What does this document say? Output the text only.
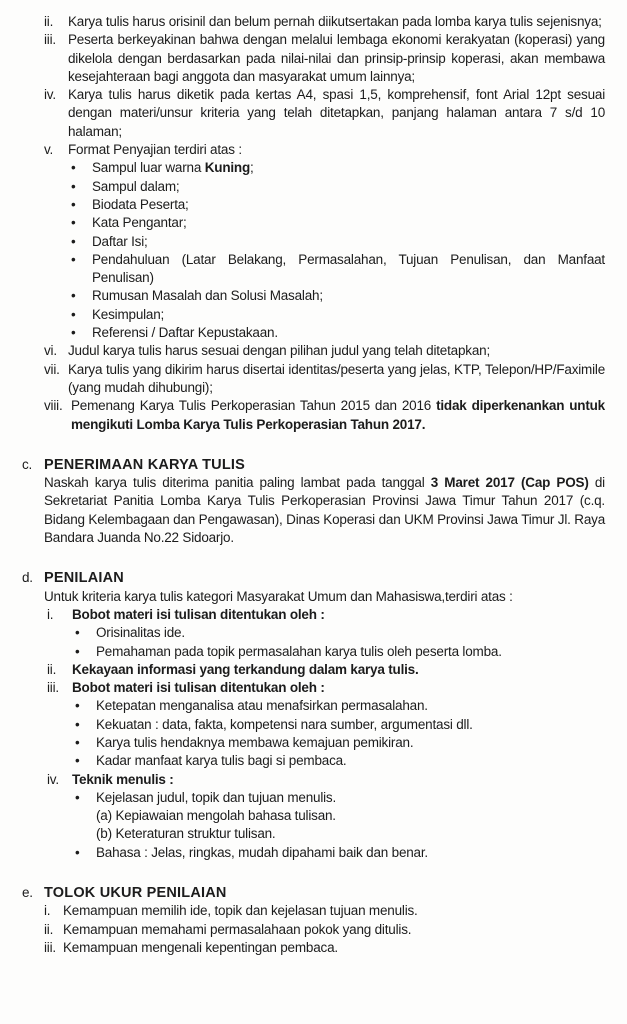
ii.	Karya tulis harus orisinil dan belum pernah diikutsertakan pada lomba karya tulis sejenisnya;
iii. Peserta berkeyakinan bahwa dengan melalui lembaga ekonomi kerakyatan (koperasi) yang dikelola dengan berdasarkan pada nilai-nilai dan prinsip-prinsip koperasi, akan membawa kesejahteraan bagi anggota dan masyarakat umum lainnya;
iv. Karya tulis harus diketik pada kertas A4, spasi 1,5, komprehensif, font Arial 12pt sesuai dengan materi/unsur kriteria yang telah ditetapkan, panjang halaman antara 7 s/d 10 halaman;
v.	Format Penyajian terdiri atas :
•	Sampul luar warna Kuning;
•	Sampul dalam;
•	Biodata Peserta;
•	Kata Pengantar;
•	Daftar Isi;
•	Pendahuluan (Latar Belakang, Permasalahan, Tujuan Penulisan, dan Manfaat Penulisan)
•	Rumusan Masalah dan Solusi Masalah;
•	Kesimpulan;
•	Referensi / Daftar Kepustakaan.
vi. Judul karya tulis harus sesuai dengan pilihan judul yang telah ditetapkan;
vii. Karya tulis yang dikirim harus disertai identitas/peserta yang jelas, KTP, Telepon/HP/Faximile (yang mudah dihubungi);
viii. Pemenang Karya Tulis Perkoperasian Tahun 2015 dan 2016 tidak diperkenankan untuk mengikuti Lomba Karya Tulis Perkoperasian Tahun 2017.
c. PENERIMAAN KARYA TULIS
Naskah karya tulis diterima panitia paling lambat pada tanggal 3 Maret 2017 (Cap POS) di Sekretariat Panitia Lomba Karya Tulis Perkoperasian Provinsi Jawa Timur Tahun 2017 (c.q. Bidang Kelembagaan dan Pengawasan), Dinas Koperasi dan UKM Provinsi Jawa Timur Jl. Raya Bandara Juanda No.22 Sidoarjo.
d. PENILAIAN
Untuk kriteria karya tulis kategori Masyarakat Umum dan Mahasiswa,terdiri atas :
i.	Bobot materi isi tulisan ditentukan oleh :
•	Orisinalitas ide.
•	Pemahaman pada topik permasalahan karya tulis oleh peserta lomba.
ii.	Kekayaan informasi yang terkandung dalam karya tulis.
iii. Bobot materi isi tulisan ditentukan oleh :
•	Ketepatan menganalisa atau menafsirkan permasalahan.
•	Kekuatan : data, fakta, kompetensi nara sumber, argumentasi dll.
•	Karya tulis hendaknya membawa kemajuan pemikiran.
•	Kadar manfaat karya tulis bagi si pembaca.
iv. Teknik menulis :
•	Kejelasan judul, topik dan tujuan menulis.
(a) Kepiawaian mengolah bahasa tulisan.
(b) Keteraturan struktur tulisan.
•	Bahasa : Jelas, ringkas, mudah dipahami baik dan benar.
e. TOLOK UKUR PENILAIAN
i. Kemampuan memilih ide, topik dan kejelasan tujuan menulis.
ii. Kemampuan memahami permasalahaan pokok yang ditulis.
iii. Kemampuan mengenali kepentingan pembaca.
